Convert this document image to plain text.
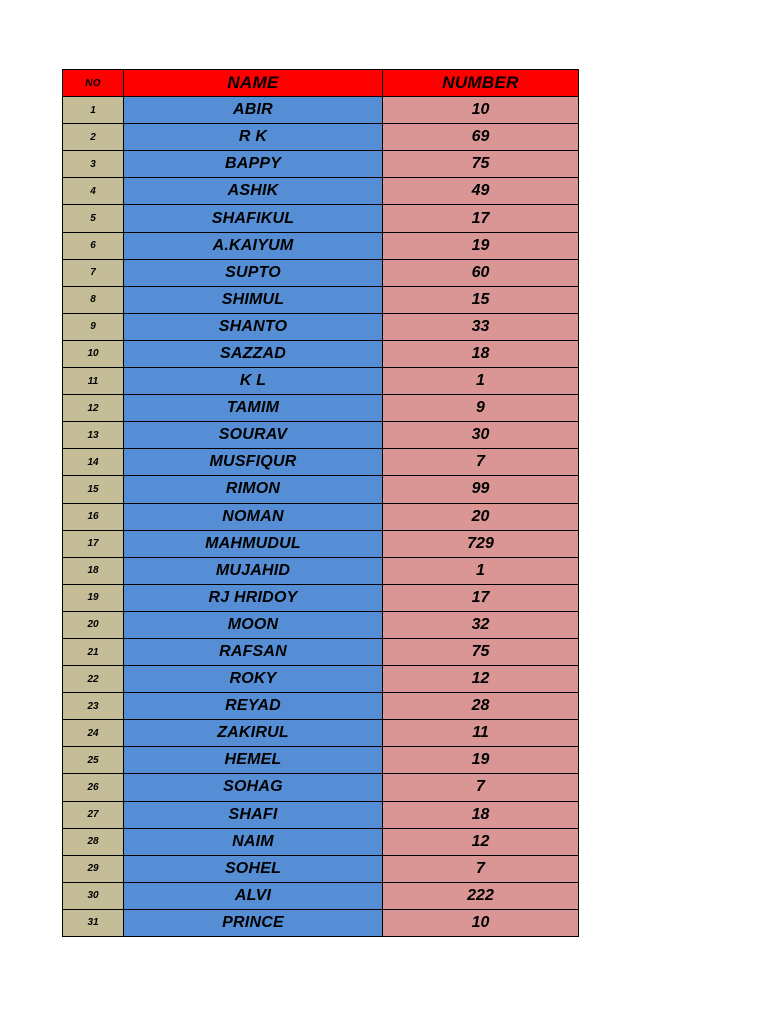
NO	NAME	NUMBER
1	ABIR	10
2	R K	69
3	BAPPY	75
4	ASHIK	49
5	SHAFIKUL	17
6	A.KAIYUM	19
7	SUPTO	60
8	SHIMUL	15
9	SHANTO	33
10	SAZZAD	18
11	K L	1
12	TAMIM	9
13	SOURAV	30
14	MUSFIQUR	7
15	RIMON	99
16	NOMAN	20
17	MAHMUDUL	729
18	MUJAHID	1
19	RJ HRIDOY	17
20	MOON	32
21	RAFSAN	75
22	ROKY	12
23	REYAD	28
24	ZAKIRUL	11
25	HEMEL	19
26	SOHAG	7
27	SHAFI	18
28	NAIM	12
29	SOHEL	7
30	ALVI	222
31	PRINCE	10
